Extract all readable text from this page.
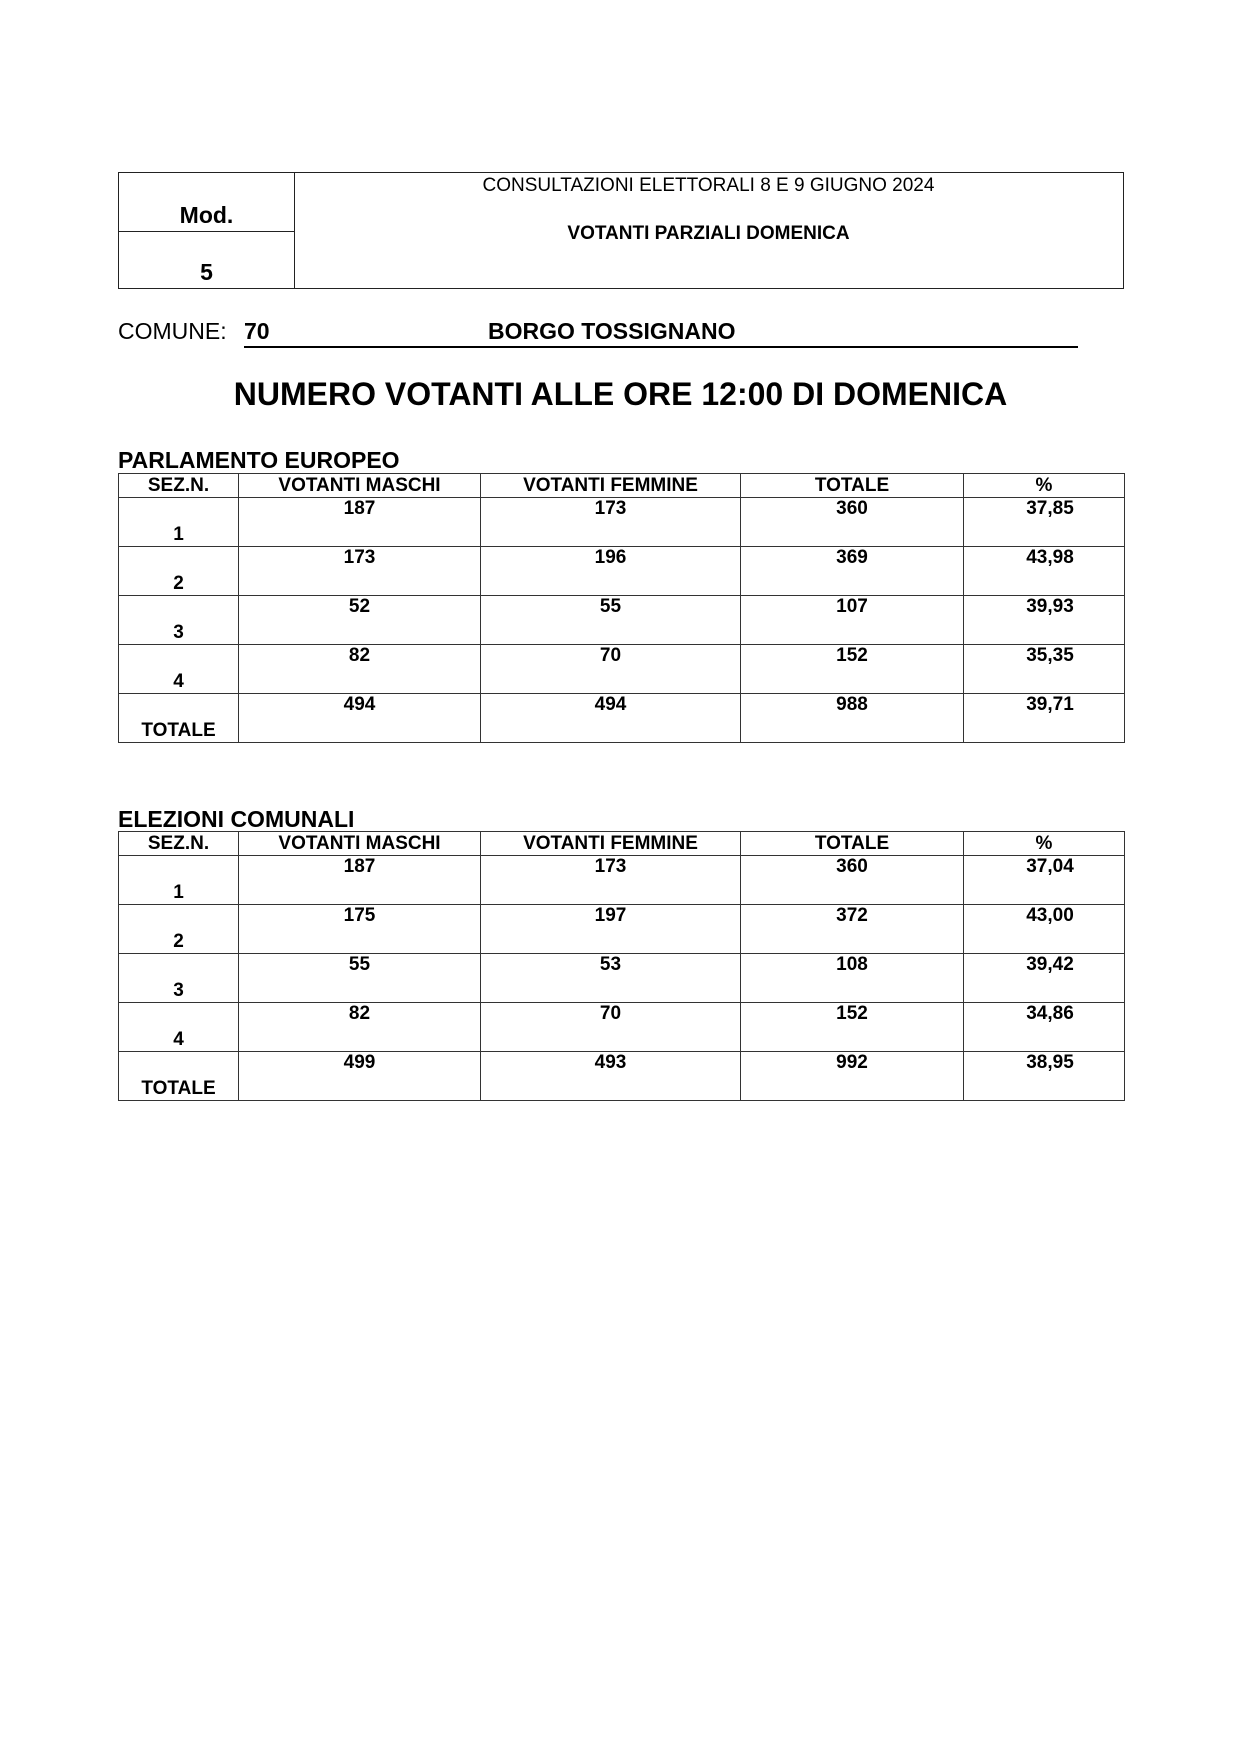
Mod.
5
CONSULTAZIONI ELETTORALI 8 E 9 GIUGNO 2024
VOTANTI PARZIALI DOMENICA
COMUNE: 70	BORGO TOSSIGNANO
NUMERO VOTANTI ALLE ORE 12:00 DI DOMENICA
PARLAMENTO EUROPEO
SEZ.N.	VOTANTI MASCHI	VOTANTI FEMMINE	TOTALE	%
1	187	173	360	37,85
2	173	196	369	43,98
3	52	55	107	39,93
4	82	70	152	35,35
TOTALE	494	494	988	39,71
ELEZIONI COMUNALI
SEZ.N.	VOTANTI MASCHI	VOTANTI FEMMINE	TOTALE	%
1	187	173	360	37,04
2	175	197	372	43,00
3	55	53	108	39,42
4	82	70	152	34,86
TOTALE	499	493	992	38,95
